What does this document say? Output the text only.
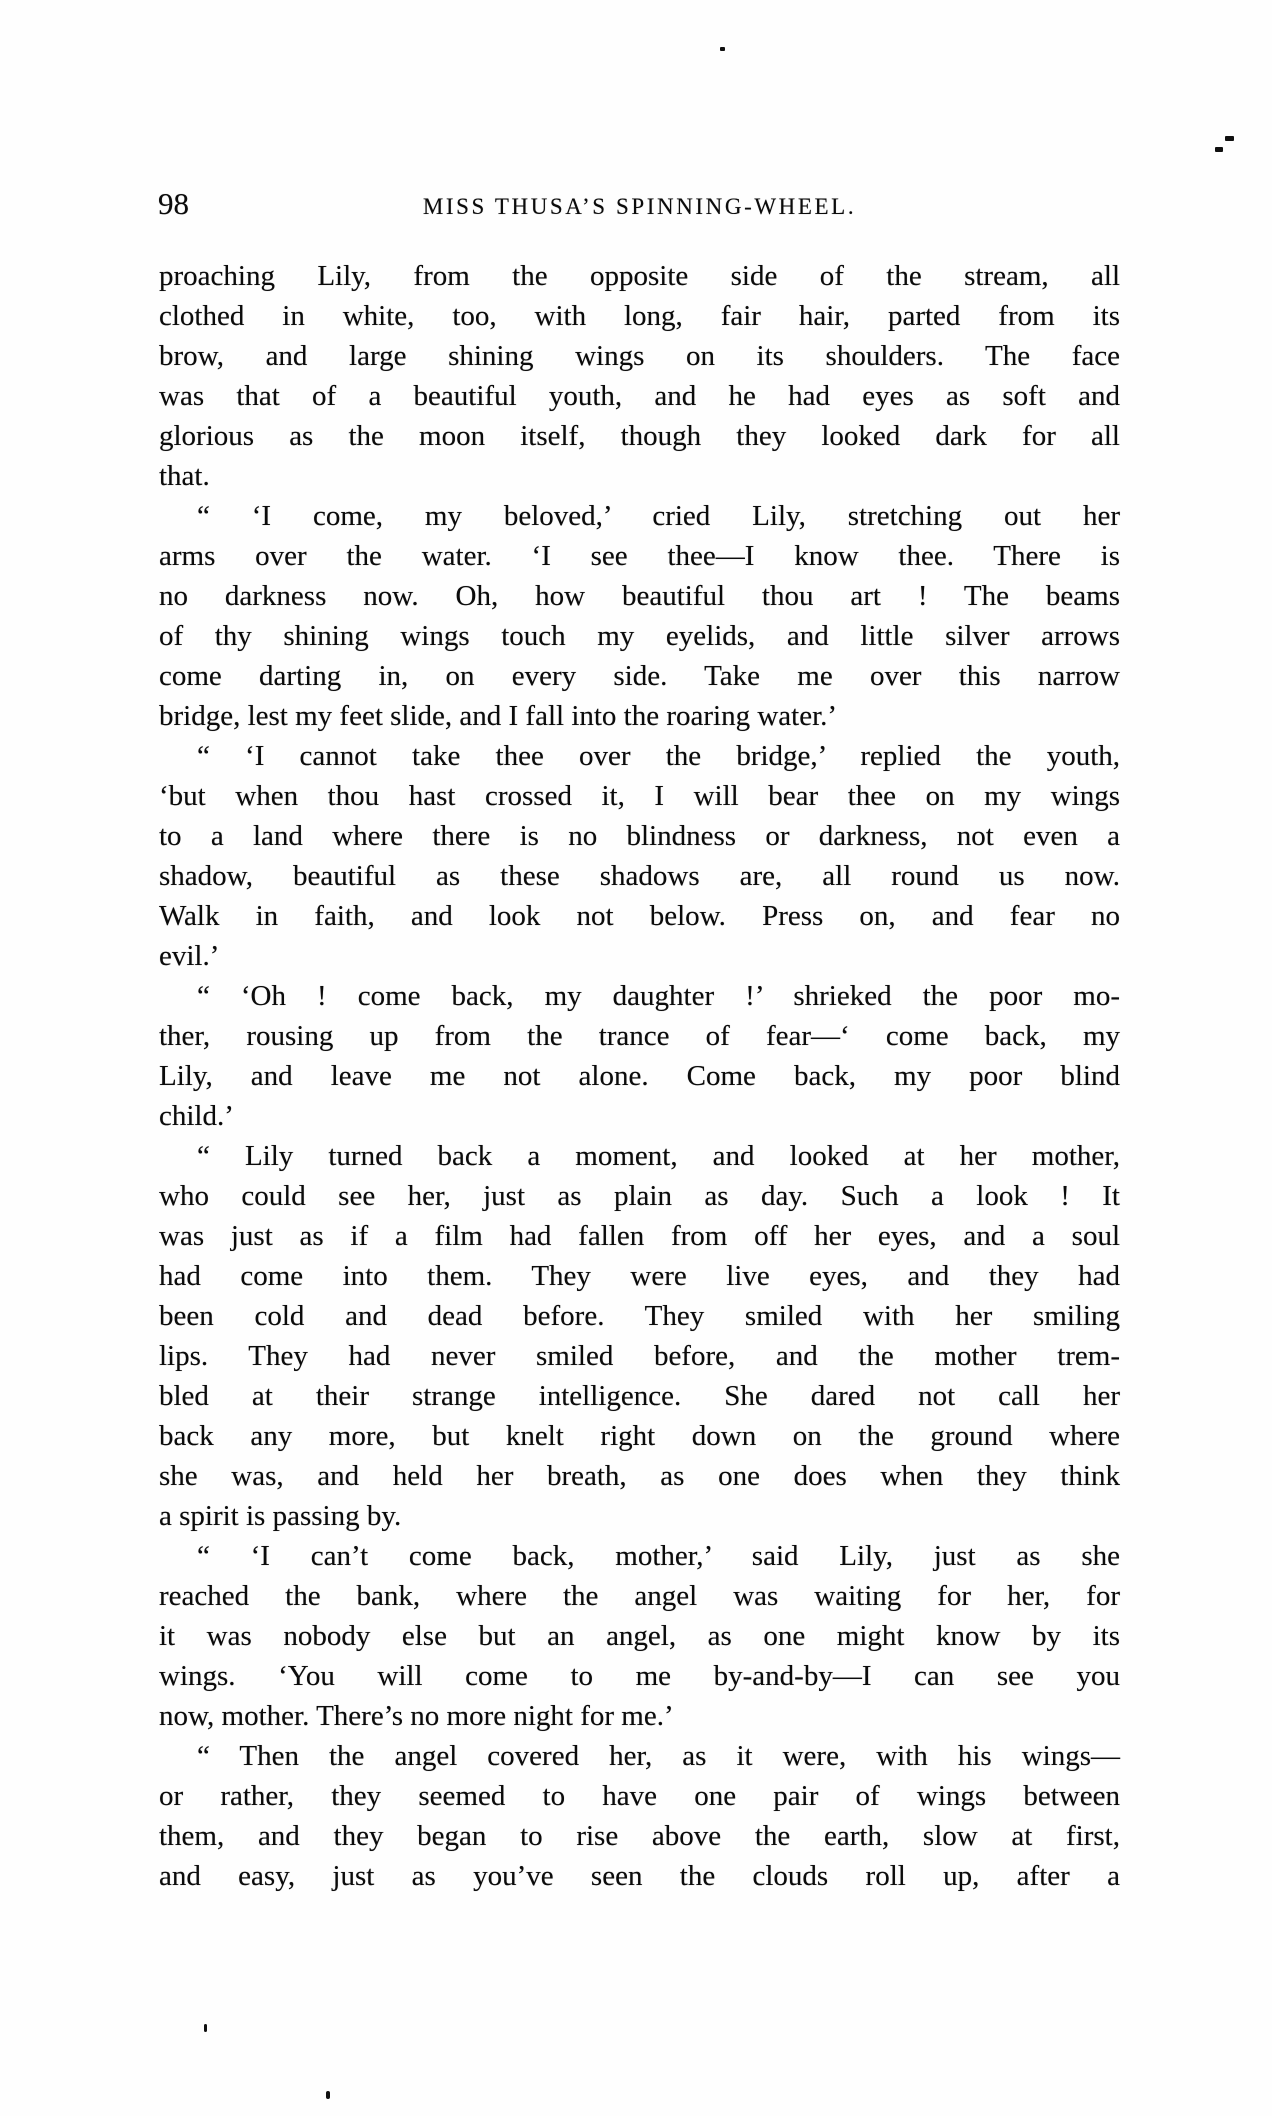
98	MISS THUSA’S SPINNING-WHEEL.
proaching Lily, from the opposite side of the stream, all
clothed in white, too, with long, fair hair, parted from its
brow, and large shining wings on its shoulders. The face
was that of a beautiful youth, and he had eyes as soft and
glorious as the moon itself, though they looked dark for all
that.
“ ‘I come, my beloved,’ cried Lily, stretching out her
arms over the water. ‘I see thee—I know thee. There is
no darkness now. Oh, how beautiful thou art ! The beams
of thy shining wings touch my eyelids, and little silver arrows
come darting in, on every side. Take me over this narrow
bridge, lest my feet slide, and I fall into the roaring water.’
“ ‘I cannot take thee over the bridge,’ replied the youth,
‘but when thou hast crossed it, I will bear thee on my wings
to a land where there is no blindness or darkness, not even a
shadow, beautiful as these shadows are, all round us now.
Walk in faith, and look not below. Press on, and fear no
evil.’
“ ‘Oh ! come back, my daughter !’ shrieked the poor mo-
ther, rousing up from the trance of fear—‘ come back, my
Lily, and leave me not alone. Come back, my poor blind
child.’
“ Lily turned back a moment, and looked at her mother,
who could see her, just as plain as day. Such a look ! It
was just as if a film had fallen from off her eyes, and a soul
had come into them. They were live eyes, and they had
been cold and dead before. They smiled with her smiling
lips. They had never smiled before, and the mother trem-
bled at their strange intelligence. She dared not call her
back any more, but knelt right down on the ground where
she was, and held her breath, as one does when they think
a spirit is passing by.
“ ‘I can’t come back, mother,’ said Lily, just as she
reached the bank, where the angel was waiting for her, for
it was nobody else but an angel, as one might know by its
wings. ‘You will come to me by-and-by—I can see you
now, mother. There’s no more night for me.’
“ Then the angel covered her, as it were, with his wings—
or rather, they seemed to have one pair of wings between
them, and they began to rise above the earth, slow at first,
and easy, just as you’ve seen the clouds roll up, after a
